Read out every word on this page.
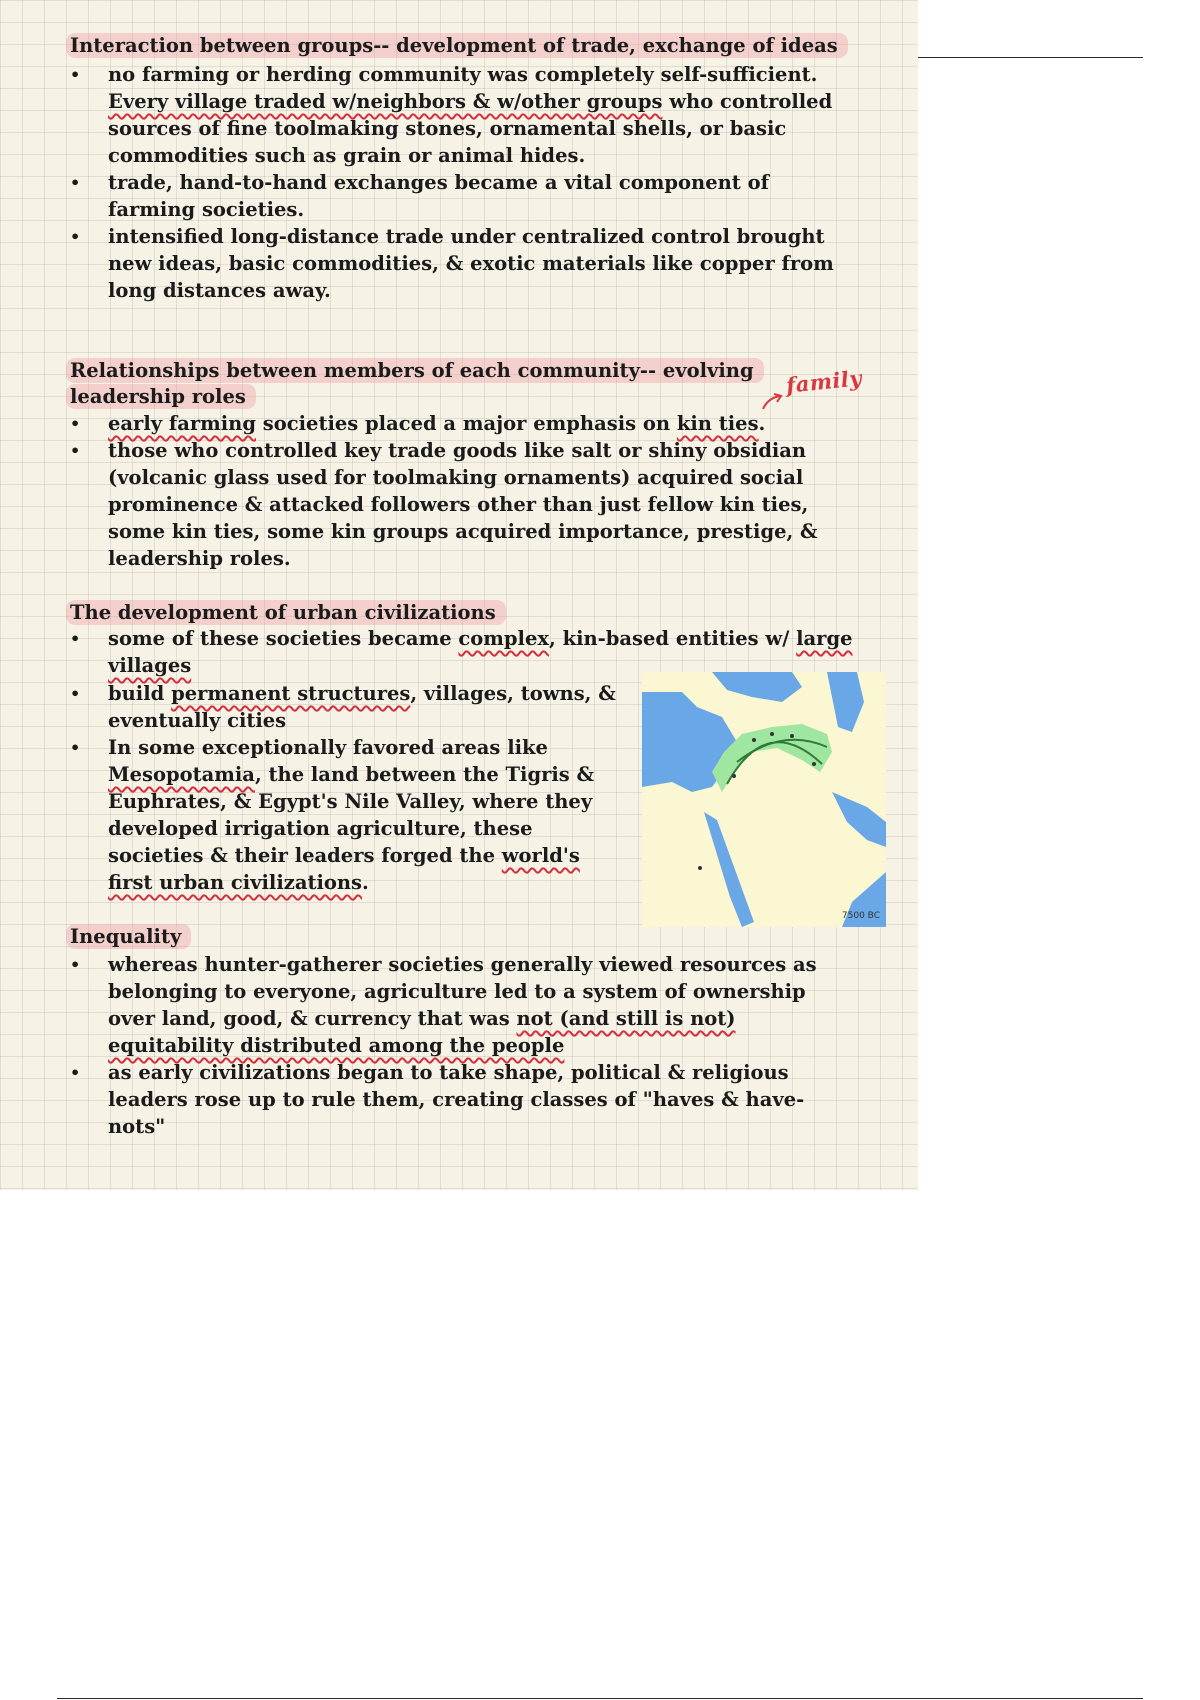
Interaction between groups-- development of trade, exchange of ideas
• no farming or herding community was completely self-sufficient. Every village traded w/neighbors & w/other groups who controlled sources of fine toolmaking stones, ornamental shells, or basic commodities such as grain or animal hides.
• trade, hand-to-hand exchanges became a vital component of farming societies.
• intensified long-distance trade under centralized control brought new ideas, basic commodities, & exotic materials like copper from long distances away.
Relationships between members of each community-- evolving leadership roles
• early farming societies placed a major emphasis on kin ties.
• those who controlled key trade goods like salt or shiny obsidian (volcanic glass used for toolmaking ornaments) acquired social prominence & attacked followers other than just fellow kin ties, some kin ties, some kin groups acquired importance, prestige, & leadership roles.
family
The development of urban civilizations
• some of these societies became complex, kin-based entities w/ large villages
• build permanent structures, villages, towns, & eventually cities
• In some exceptionally favored areas like Mesopotamia, the land between the Tigris & Euphrates, & Egypt's Nile Valley, where they developed irrigation agriculture, these societies & their leaders forged the world's first urban civilizations.
7500 BC
Inequality
• whereas hunter-gatherer societies generally viewed resources as belonging to everyone, agriculture led to a system of ownership over land, good, & currency that was not (and still is not) equitability distributed among the people
• as early civilizations began to take shape, political & religious leaders rose up to rule them, creating classes of "haves & have-nots"
